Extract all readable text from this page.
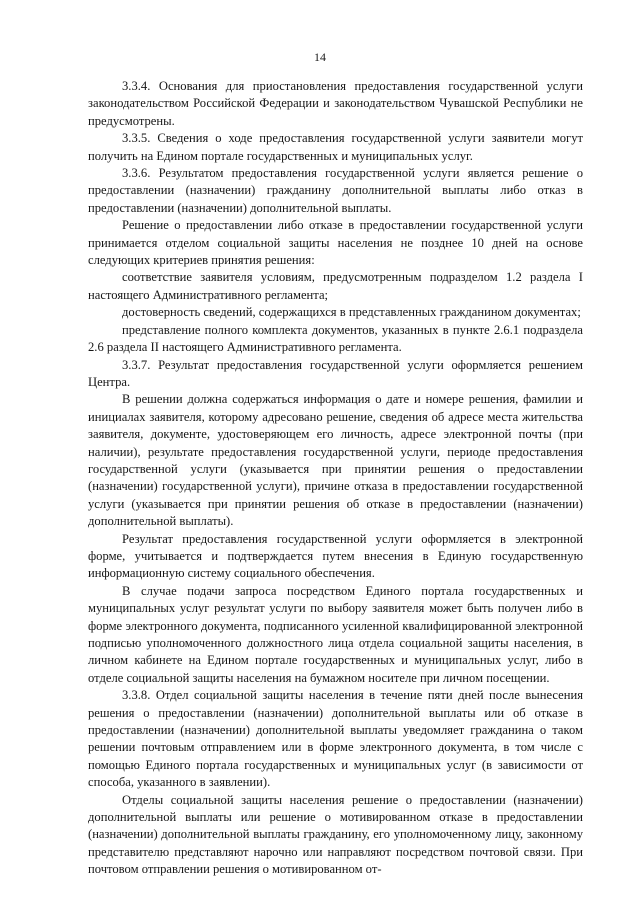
14

3.3.4. Основания для приостановления предоставления государственной услуги законодательством Российской Федерации и законодательством Чувашской Республики не предусмотрены.

3.3.5. Сведения о ходе предоставления государственной услуги заявители могут получить на Едином портале государственных и муниципальных услуг.

3.3.6. Результатом предоставления государственной услуги является решение о предоставлении (назначении) гражданину дополнительной выплаты либо отказ в предоставлении (назначении) дополнительной выплаты.

Решение о предоставлении либо отказе в предоставлении государственной услуги принимается отделом социальной защиты населения не позднее 10 дней на основе следующих критериев принятия решения:

соответствие заявителя условиям, предусмотренным подразделом 1.2 раздела I настоящего Административного регламента;

достоверность сведений, содержащихся в представленных гражданином документах;

представление полного комплекта документов, указанных в пункте 2.6.1 подраздела 2.6 раздела II настоящего Административного регламента.

3.3.7. Результат предоставления государственной услуги оформляется решением Центра.

В решении должна содержаться информация о дате и номере решения, фамилии и инициалах заявителя, которому адресовано решение, сведения об адресе места жительства заявителя, документе, удостоверяющем его личность, адресе электронной почты (при наличии), результате предоставления государственной услуги, периоде предоставления государственной услуги (указывается при принятии решения о предоставлении (назначении) государственной услуги), причине отказа в предоставлении государственной услуги (указывается при принятии решения об отказе в предоставлении (назначении) дополнительной выплаты).

Результат предоставления государственной услуги оформляется в электронной форме, учитывается и подтверждается путем внесения в Единую государственную информационную систему социального обеспечения.

В случае подачи запроса посредством Единого портала государственных и муниципальных услуг результат услуги по выбору заявителя может быть получен либо в форме электронного документа, подписанного усиленной квалифицированной электронной подписью уполномоченного должностного лица отдела социальной защиты населения, в личном кабинете на Едином портале государственных и муниципальных услуг, либо в отделе социальной защиты населения на бумажном носителе при личном посещении.

3.3.8. Отдел социальной защиты населения в течение пяти дней после вынесения решения о предоставлении (назначении) дополнительной выплаты или об отказе в предоставлении (назначении) дополнительной выплаты уведомляет гражданина о таком решении почтовым отправлением или в форме электронного документа, в том числе с помощью Единого портала государственных и муниципальных услуг (в зависимости от способа, указанного в заявлении).

Отделы социальной защиты населения решение о предоставлении (назначении) дополнительной выплаты или решение о мотивированном отказе в предоставлении (назначении) дополнительной выплаты гражданину, его уполномоченному лицу, законному представителю представляют нарочно или направляют посредством почтовой связи. При почтовом отправлении решения о мотивированном от-
